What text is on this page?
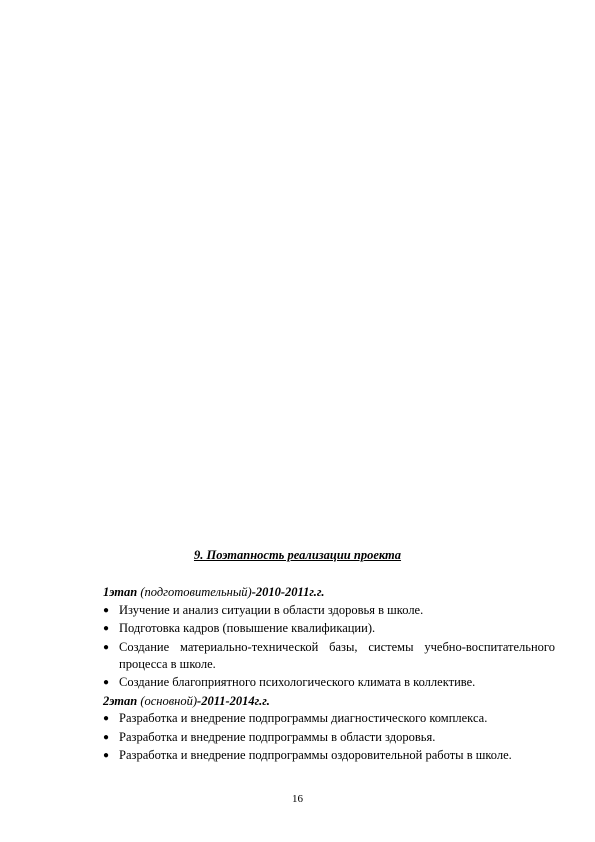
9. Поэтапность реализации проекта
1этап (подготовительный)-2010-2011г.г.
● Изучение и анализ ситуации в области здоровья в школе.
● Подготовка кадров (повышение квалификации).
● Создание материально-технической базы, системы учебно-воспитательного процесса в школе.
● Создание благоприятного психологического климата в коллективе.
2этап (основной)-2011-2014г.г.
● Разработка и внедрение подпрограммы диагностического комплекса.
● Разработка и внедрение подпрограммы в области здоровья.
● Разработка и внедрение подпрограммы оздоровительной работы в школе.
16
